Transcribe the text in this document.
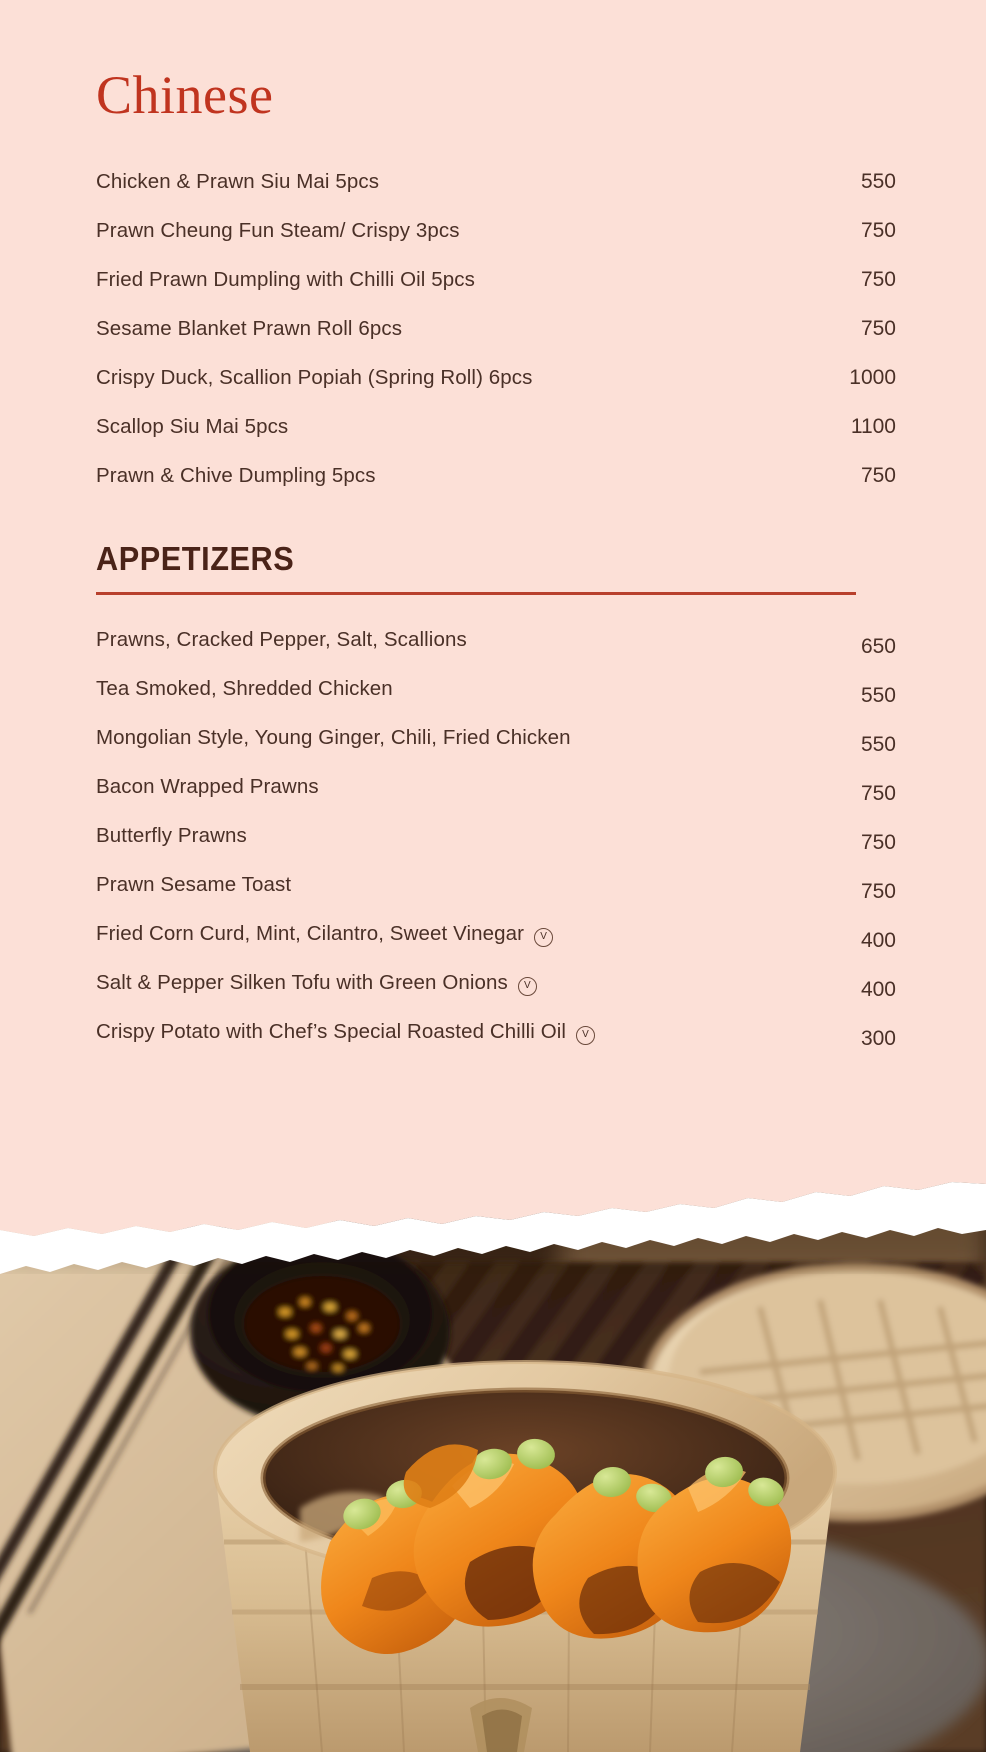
Chinese
Chicken & Prawn Siu Mai 5pcs	550
Prawn Cheung Fun Steam/ Crispy 3pcs	750
Fried Prawn Dumpling with Chilli Oil 5pcs	750
Sesame Blanket Prawn Roll 6pcs	750
Crispy Duck, Scallion Popiah (Spring Roll) 6pcs	1000
Scallop Siu Mai 5pcs	1100
Prawn & Chive Dumpling 5pcs	750
APPETIZERS
Prawns, Cracked Pepper, Salt, Scallions	650
Tea Smoked, Shredded Chicken	550
Mongolian Style, Young Ginger, Chili, Fried Chicken	550
Bacon Wrapped Prawns	750
Butterfly Prawns	750
Prawn Sesame Toast	750
Fried Corn Curd, Mint, Cilantro, Sweet Vinegar V	400
Salt & Pepper Silken Tofu with Green Onions V	400
Crispy Potato with Chef’s Special Roasted Chilli Oil V	300
